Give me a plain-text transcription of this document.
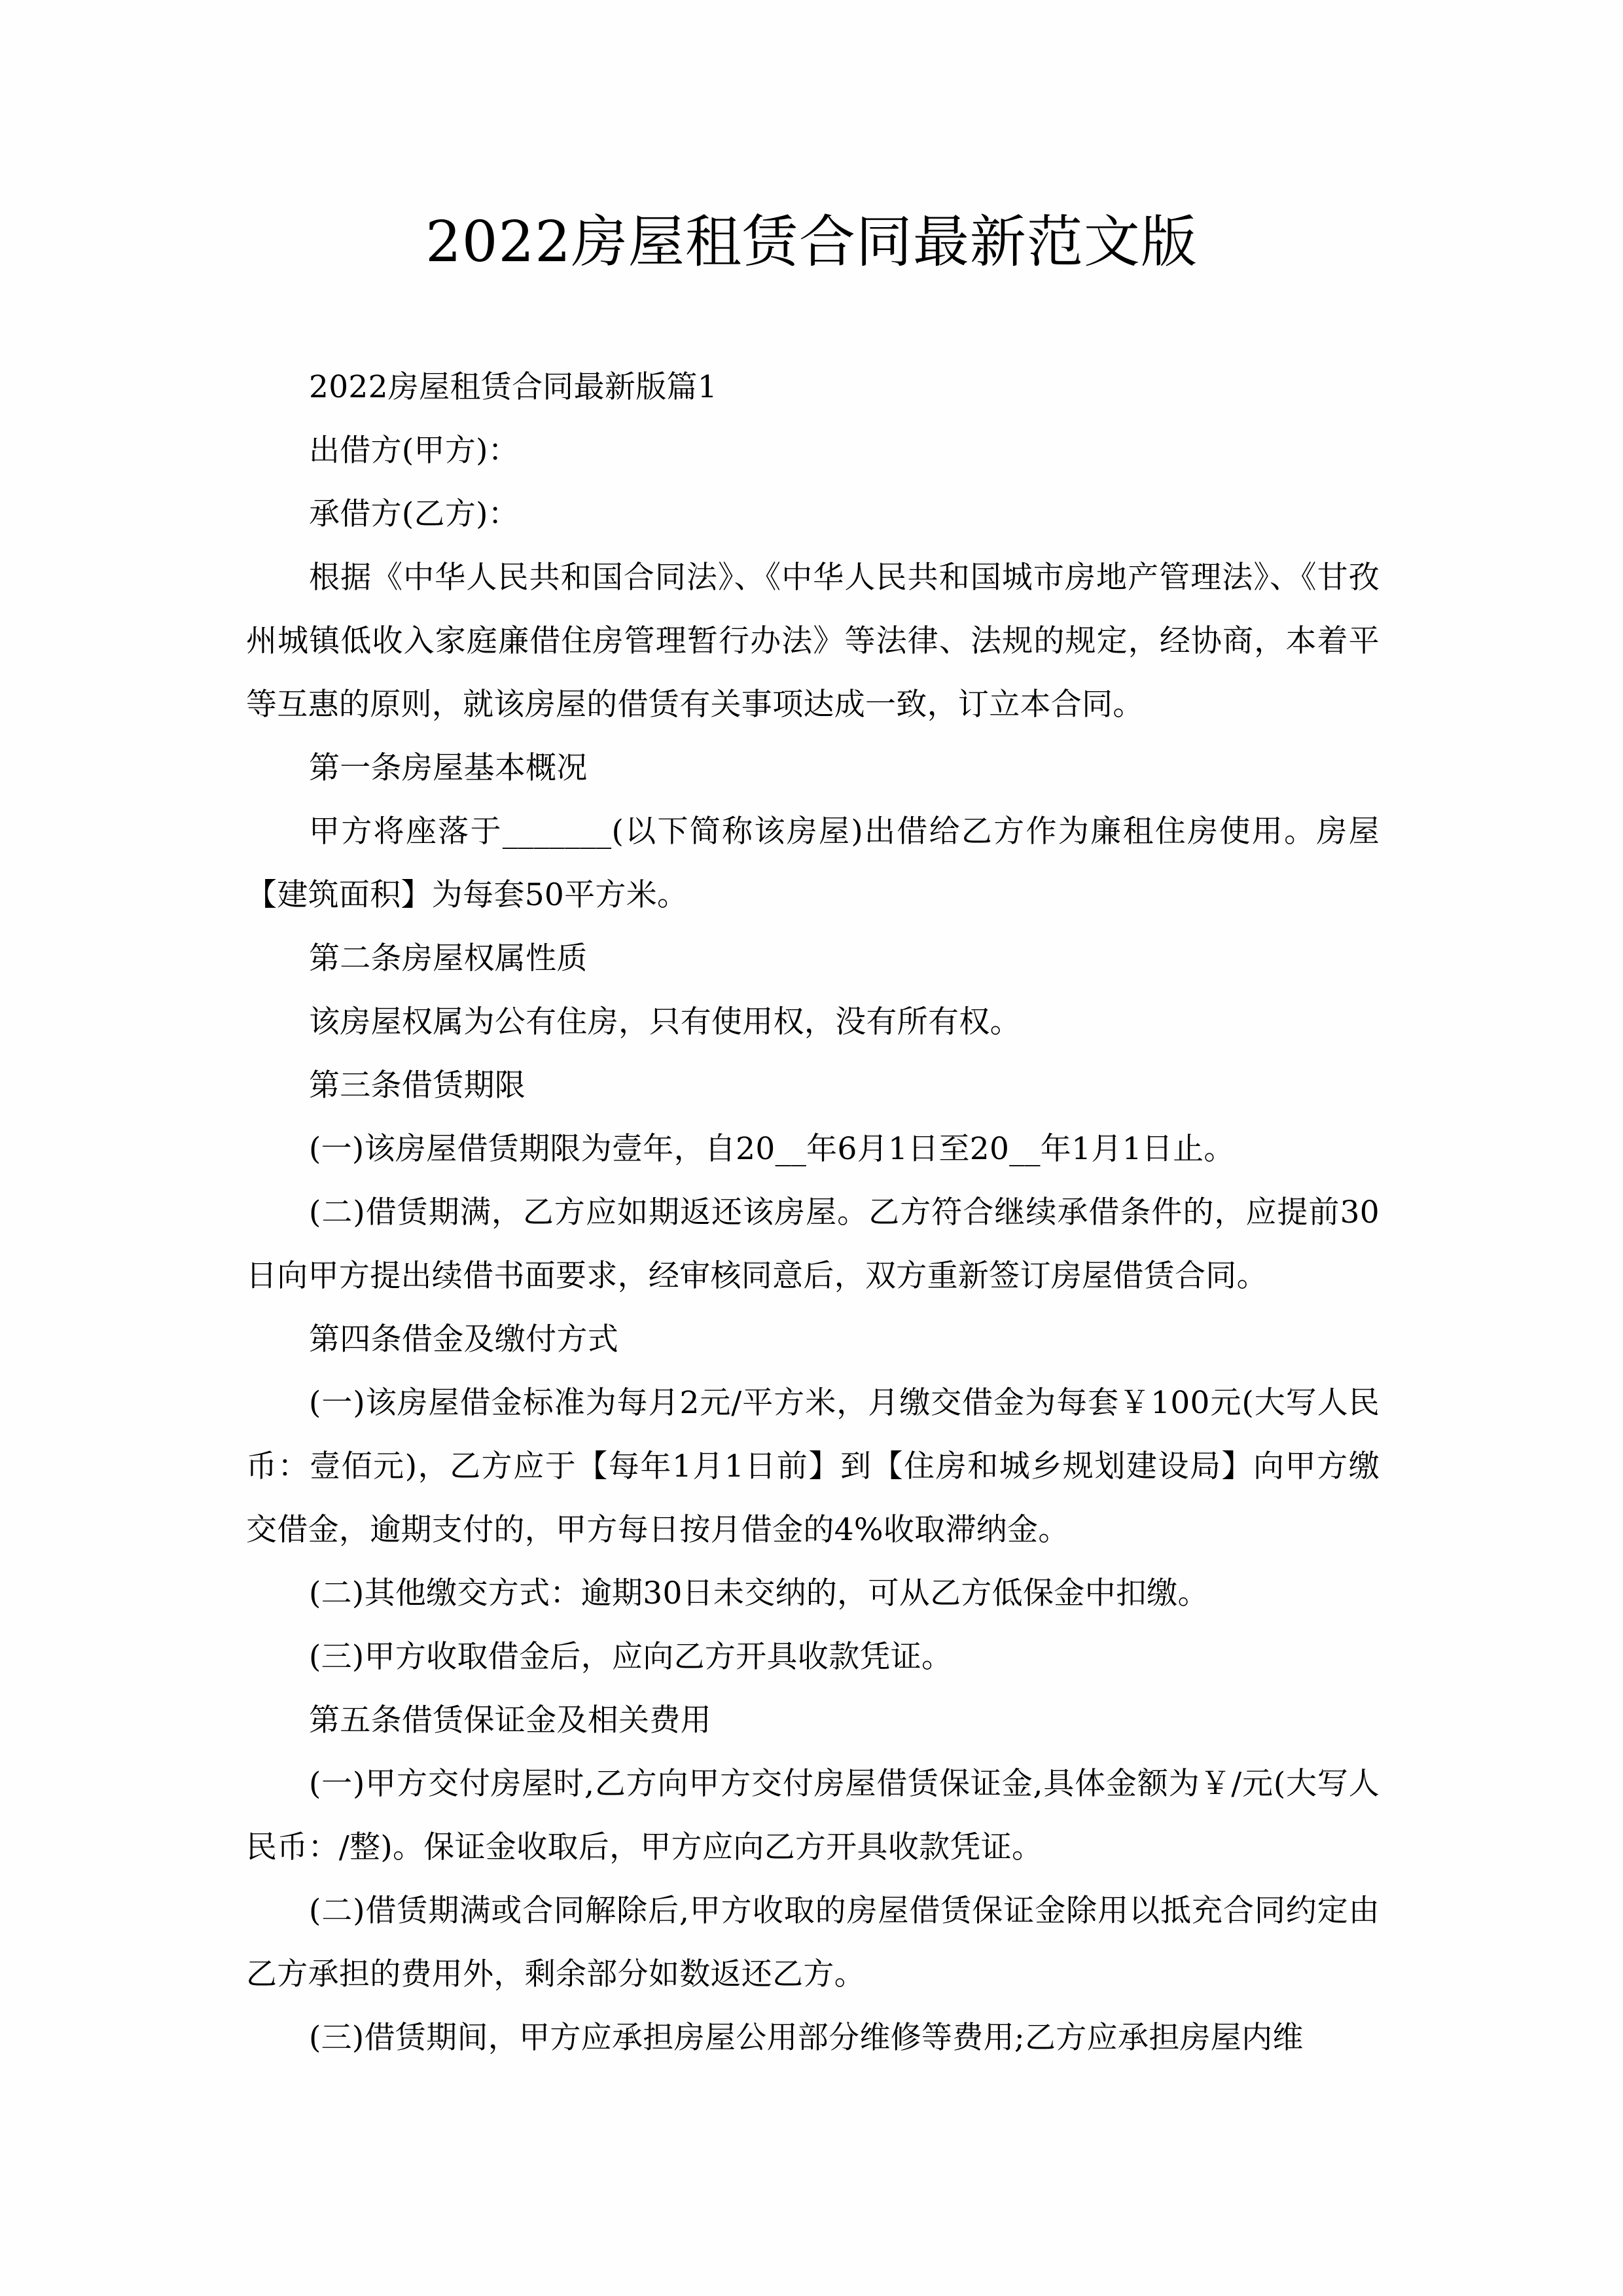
2022房屋租赁合同最新范文版

2022房屋租赁合同最新版篇1

出借方(甲方)：

承借方(乙方)：

根据《中华人民共和国合同法》、《中华人民共和国城市房地产管理法》、《甘孜州城镇低收入家庭廉借住房管理暂行办法》等法律、法规的规定，经协商，本着平等互惠的原则，就该房屋的借赁有关事项达成一致，订立本合同。

第一条房屋基本概况

甲方将座落于_______(以下简称该房屋)出借给乙方作为廉租住房使用。房屋【建筑面积】为每套50平方米。

第二条房屋权属性质

该房屋权属为公有住房，只有使用权，没有所有权。

第三条借赁期限

(一)该房屋借赁期限为壹年，自20__年6月1日至20__年1月1日止。

(二)借赁期满，乙方应如期返还该房屋。乙方符合继续承借条件的，应提前30日向甲方提出续借书面要求，经审核同意后，双方重新签订房屋借赁合同。

第四条借金及缴付方式

(一)该房屋借金标准为每月2元/平方米，月缴交借金为每套￥100元(大写人民币：壹佰元)，乙方应于【每年1月1日前】到【住房和城乡规划建设局】向甲方缴交借金，逾期支付的，甲方每日按月借金的4%收取滞纳金。

(二)其他缴交方式：逾期30日未交纳的，可从乙方低保金中扣缴。

(三)甲方收取借金后，应向乙方开具收款凭证。

第五条借赁保证金及相关费用

(一)甲方交付房屋时,乙方向甲方交付房屋借赁保证金,具体金额为￥/元(大写人民币：/整)。保证金收取后，甲方应向乙方开具收款凭证。

(二)借赁期满或合同解除后,甲方收取的房屋借赁保证金除用以抵充合同约定由乙方承担的费用外，剩余部分如数返还乙方。

(三)借赁期间，甲方应承担房屋公用部分维修等费用;乙方应承担房屋内维
